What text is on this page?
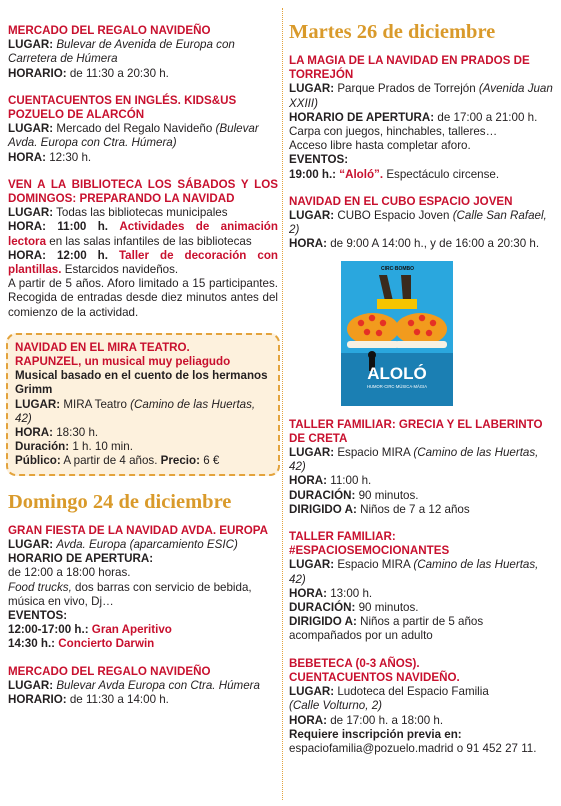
MERCADO DEL REGALO NAVIDEÑO

LUGAR: Bulevar de Avenida de Europa con Carretera de Húmera

HORARIO: de 11:30 a 20:30 h.

CUENTACUENTOS EN INGLÉS. KIDS&US POZUELO DE ALARCÓN

LUGAR: Mercado del Regalo Navideño (Bulevar Avda. Europa con Ctra. Húmera)

HORA: 12:30 h.

VEN A LA BIBLIOTECA LOS SÁBADOS Y LOS DOMINGOS: PREPARANDO LA NAVIDAD

LUGAR: Todas las bibliotecas municipales

HORA: 11:00 h. Actividades de animación lectora en las salas infantiles de las bibliotecas

HORA: 12:00 h. Taller de decoración con plantillas. Estarcidos navideños.

A partir de 5 años. Aforo limitado a 15 participantes. Recogida de entradas desde diez minutos antes del comienzo de la actividad.

NAVIDAD EN EL MIRA TEATRO.

RAPUNZEL, un musical muy peliagudo

Musical basado en el cuento de los hermanos Grimm

LUGAR: MIRA Teatro (Camino de las Huertas, 42)

HORA: 18:30 h.

Duración: 1 h. 10 min.

Público: A partir de 4 años. Precio: 6 €

Domingo 24 de diciembre

GRAN FIESTA DE LA NAVIDAD AVDA. EUROPA

LUGAR: Avda. Europa (aparcamiento ESIC)

HORARIO DE APERTURA:

de 12:00 a 18:00 horas.

Food trucks, dos barras con servicio de bebida, música en vivo, Dj…

EVENTOS:

12:00-17:00 h.: Gran Aperitivo

14:30 h.: Concierto Darwin

MERCADO DEL REGALO NAVIDEÑO

LUGAR: Bulevar Avda Europa con Ctra. Húmera

HORARIO: de 11:30 a 14:00 h.

Martes 26 de diciembre

LA MAGIA DE LA NAVIDAD EN PRADOS DE TORREJÓN

LUGAR: Parque Prados de Torrejón (Avenida Juan XXIII)

HORARIO DE APERTURA: de 17:00 a 21:00 h.

Carpa con juegos, hinchables, talleres…

Acceso libre hasta completar aforo.

EVENTOS:

19:00 h.: “Aloló”. Espectáculo circense.

NAVIDAD EN EL CUBO ESPACIO JOVEN

LUGAR: CUBO Espacio Joven (Calle San Rafael, 2)

HORA: de 9:00 A 14:00 h., y de 16:00 a 20:30 h.

CIRC·BOMBO
ALOLÓ
HUMOR·CIRC·MÚSICA·MÀGIA

TALLER FAMILIAR: GRECIA Y EL LABERINTO DE CRETA

LUGAR: Espacio MIRA (Camino de las Huertas, 42)

HORA: 11:00 h.

DURACIÓN: 90 minutos.

DIRIGIDO A: Niños de 7 a 12 años

TALLER FAMILIAR:

#ESPACIOSEMOCIONANTES

LUGAR: Espacio MIRA (Camino de las Huertas, 42)

HORA: 13:00 h.

DURACIÓN: 90 minutos.

DIRIGIDO A: Niños a partir de 5 años acompañados por un adulto

BEBETECA (0-3 AÑOS).

CUENTACUENTOS NAVIDEÑO.

LUGAR: Ludoteca del Espacio Familia

(Calle Volturno, 2)

HORA: de 17:00 h. a 18:00 h.

Requiere inscripción previa en:

espaciofamilia@pozuelo.madrid o 91 452 27 11.
